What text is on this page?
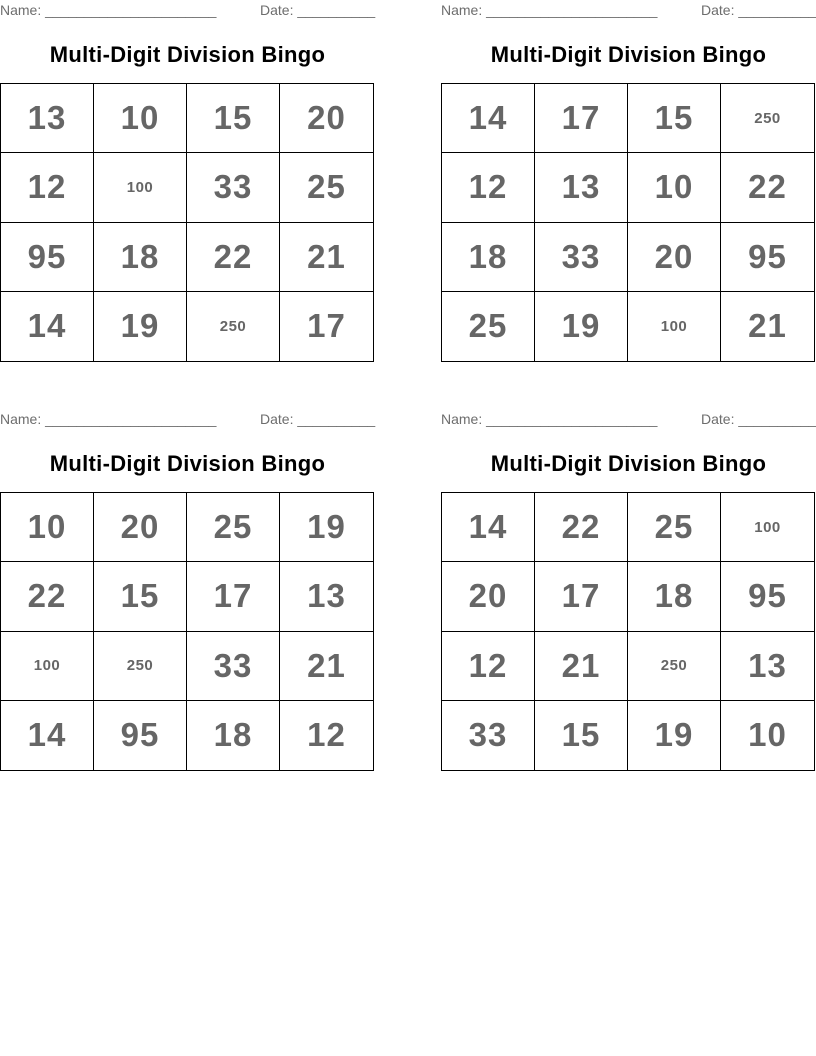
Name: ______________________	Date: __________
Multi-Digit Division Bingo
13	10	15	20
12	100	33	25
95	18	22	21
14	19	250	17
Name: ______________________	Date: __________
Multi-Digit Division Bingo
14	17	15	250
12	13	10	22
18	33	20	95
25	19	100	21
Name: ______________________	Date: __________
Multi-Digit Division Bingo
10	20	25	19
22	15	17	13
100	250	33	21
14	95	18	12
Name: ______________________	Date: __________
Multi-Digit Division Bingo
14	22	25	100
20	17	18	95
12	21	250	13
33	15	19	10
